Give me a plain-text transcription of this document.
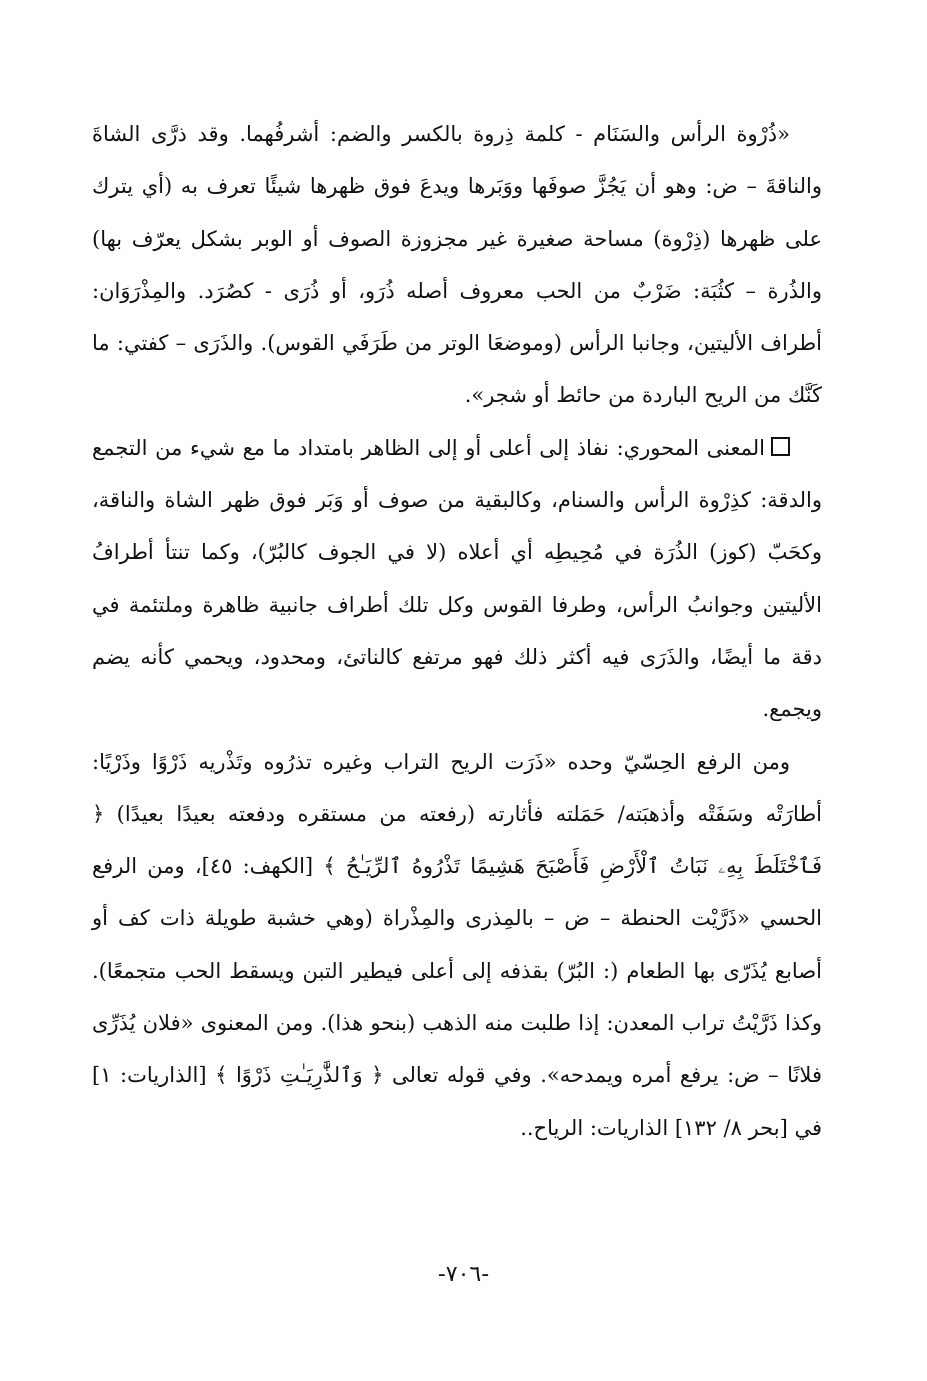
«ذُرْوة الرأس والسَنَام - كلمة ذِروة بالكسر والضم: أشرفُهما. وقد ذرَّى الشاةَ والناقةَ – ض: وهو أن يَجُزَّ صوفَها ووَبَرها ويدعَ فوق ظهرها شيئًا تعرف به (أي يترك على ظهرها (ذِرْوة) مساحة صغيرة غير مجزوزة الصوف أو الوبر بشكل يعرّف بها) والذُرة – كثُبَة: ضَرْبٌ من الحب معروف أصله ذُرَو، أو ذُرَى - كصُرَد. والمِذْرَوَان: أطراف الأليتين، وجانبا الرأس (وموضعَا الوتر من طَرَفَي القوس). والذَرَى – كفتي: ما كَنَّك من الريح الباردة من حائط أو شجر».

المعنى المحوري: نفاذ إلى أعلى أو إلى الظاهر بامتداد ما مع شيء من التجمع والدقة: كذِرْوة الرأس والسنام، وكالبقية من صوف أو وَبَر فوق ظهر الشاة والناقة، وكحَبّ (كوز) الذُرَة في مُحِيطِه أي أعلاه (لا في الجوف كالبُرّ)، وكما تنتأ أطرافُ الأليتين وجوانبُ الرأس، وطرفا القوس وكل تلك أطراف جانبية ظاهرة وملتئمة في دقة ما أيضًا، والذَرَى فيه أكثر ذلك فهو مرتفع كالناتئ، ومحدود، ويحمي كأنه يضم ويجمع.

ومن الرفع الحِسّيّ وحده «ذَرَت الريح التراب وغيره تذرُوه وتَذْريه ذَرْوًا وذَرْيًا: أطارَتْه وسَفَتْه وأذهبَته/ حَمَلته فأثارته (رفعته من مستقره ودفعته بعيدًا بعيدًا) ﴿ فَٱخْتَلَطَ بِهِۦ نَبَاتُ ٱلْأَرْضِ فَأَصْبَحَ هَشِيمًا تَذْرُوهُ ٱلرِّيَـٰحُ ﴾ [الكهف: ٤٥]، ومن الرفع الحسي «ذَرَّيْت الحنطة – ض – بالمِذرى والمِذْراة (وهي خشبة طويلة ذات كف أو أصابع يُذَرّى بها الطعام (: البُرّ) بقذفه إلى أعلى فيطير التبن ويسقط الحب متجمعًا). وكذا ذَرَّيْتُ تراب المعدن: إذا طلبت منه الذهب (بنحو هذا). ومن المعنوى «فلان يُذَرِّى فلانًا – ض: يرفع أمره ويمدحه». وفي قوله تعالى ﴿ وَٱلذَّٰرِيَـٰتِ ذَرْوًا ﴾ [الذاريات: ١] في [بحر ٨/ ١٣٢] الذاريات: الرياح..

-٧٠٦-
